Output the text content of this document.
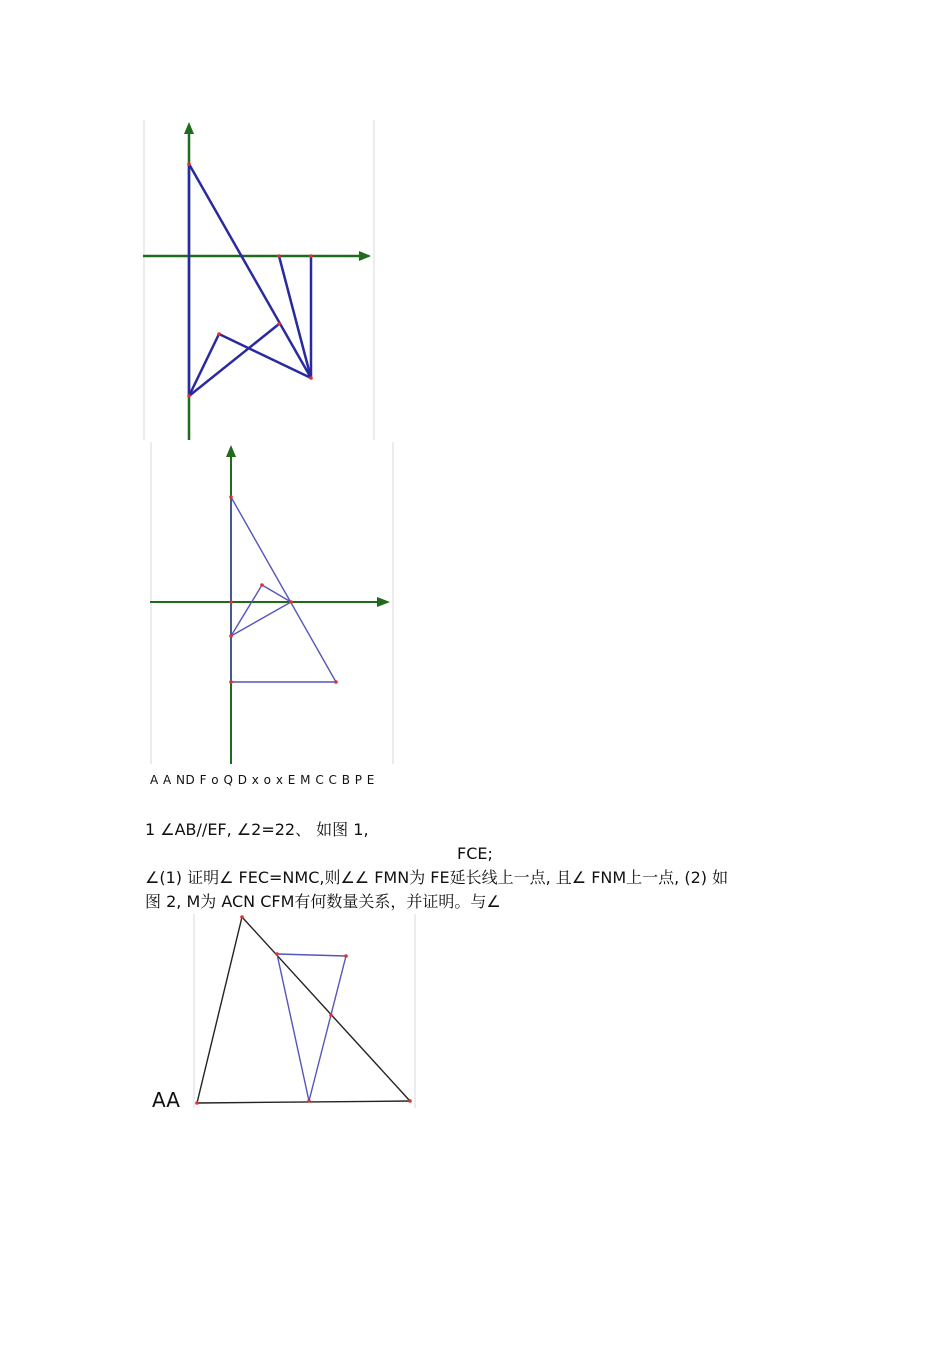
A A ND F o Q D x o x E M C C B P E
1 ∠AB//EF, ∠2=22、 如图 1,
FCE;
∠(1) 证明∠ FEC=NMC,则∠∠ FMN为 FE延长线上一点, 且∠ FNM上一点, (2) 如
图 2, M为 ACN CFM有何数量关系，并证明。与∠
AA
